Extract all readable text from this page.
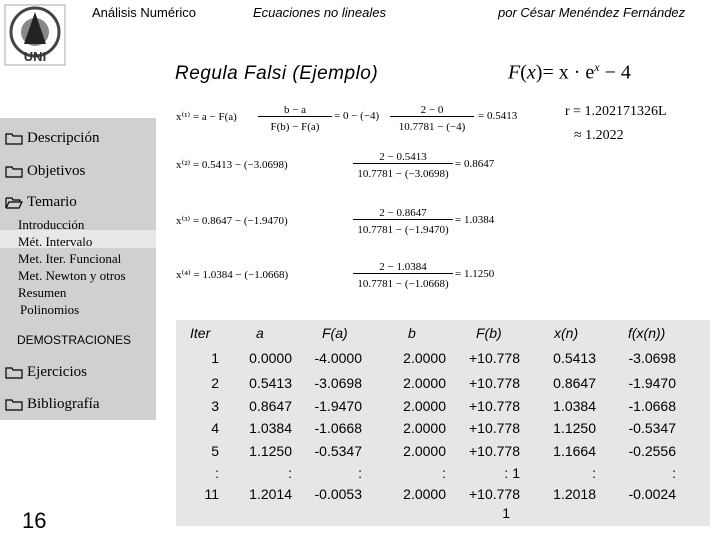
Análisis Numérico	Ecuaciones no lineales	por César Menéndez Fernández
UNI
Regula Falsi (Ejemplo)	$F(x)= x \cdot e^x - 4$
Descripción
Objetivos
Temario
Introducción
Mét. Intervalo
Met. Iter. Funcional
Met. Newton y otros
Resumen
Polinomios
DEMOSTRACIONES
Ejercicios
Bibliografía
16
x⁽¹⁾ = a − F(a)
b − a
F(b) − F(a)
= 0 − (−4)	2 − 0
10.7781 − (−4)
= 0.5413
x⁽²⁾ = 0.5413 − (−3.0698)
2 − 0.5413
10.7781 − (−3.0698)
= 0.8647
x⁽³⁾ = 0.8647 − (−1.9470)
2 − 0.8647
10.7781 − (−1.9470)
= 1.0384
x⁽⁴⁾ = 1.0384 − (−1.0668)
2 − 1.0384
10.7781 − (−1.0668)
= 1.1250
r = 1.202171326L
≈ 1.2022
Iter	a	F(a)	b	F(b)	x(n)	f(x(n))
1	0.0000	-4.0000	2.0000	+10.778	0.5413	-3.0698
2	0.5413	-3.0698	2.0000	+10.778	0.8647	-1.9470
3	0.8647	-1.9470	2.0000	+10.778	1.0384	-1.0668
4	1.0384	-1.0668	2.0000	+10.778	1.1250	-0.5347
5	1.1250	-0.5347	2.0000	+10.778	1.1664	-0.2556
:	:	:	:	: 1	:	:
11	1.2014	-0.0053	2.0000	+10.778	1.2018	-0.0024
1
